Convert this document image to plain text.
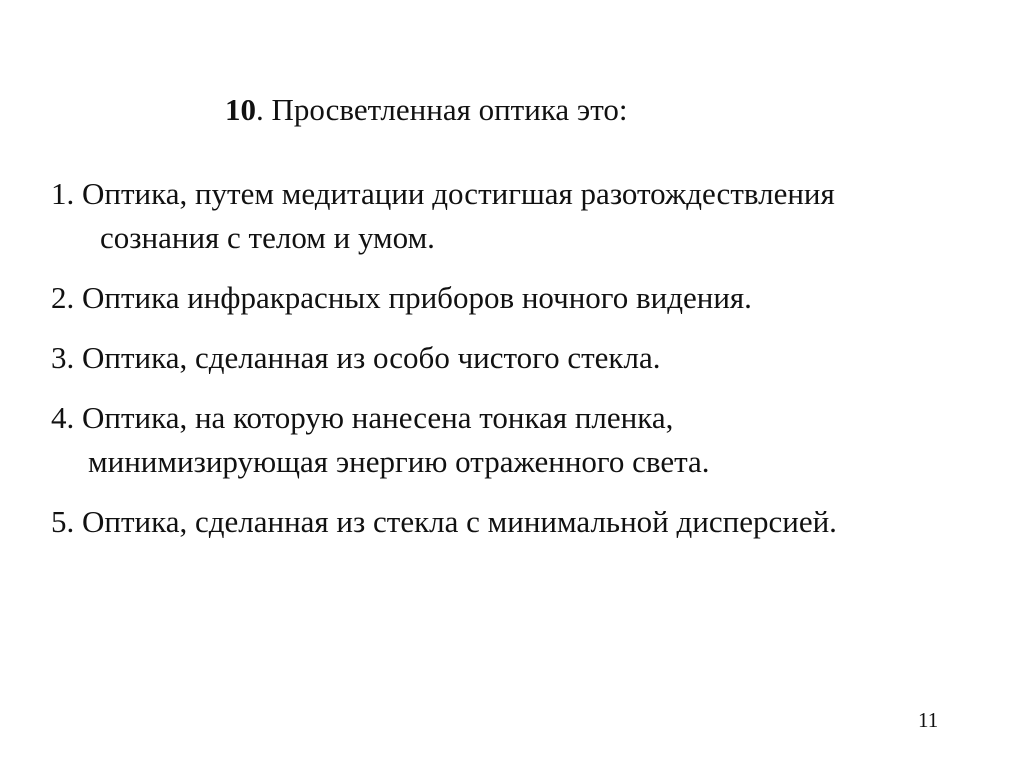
10. Просветленная оптика это:
1. Оптика, путем медитации достигшая разотождествления
сознания с телом и умом.
2. Оптика инфракрасных приборов ночного видения.
3. Оптика, сделанная из особо чистого стекла.
4. Оптика, на которую нанесена тонкая пленка,
минимизирующая энергию отраженного света.
5. Оптика, сделанная из стекла с минимальной дисперсией.
11
